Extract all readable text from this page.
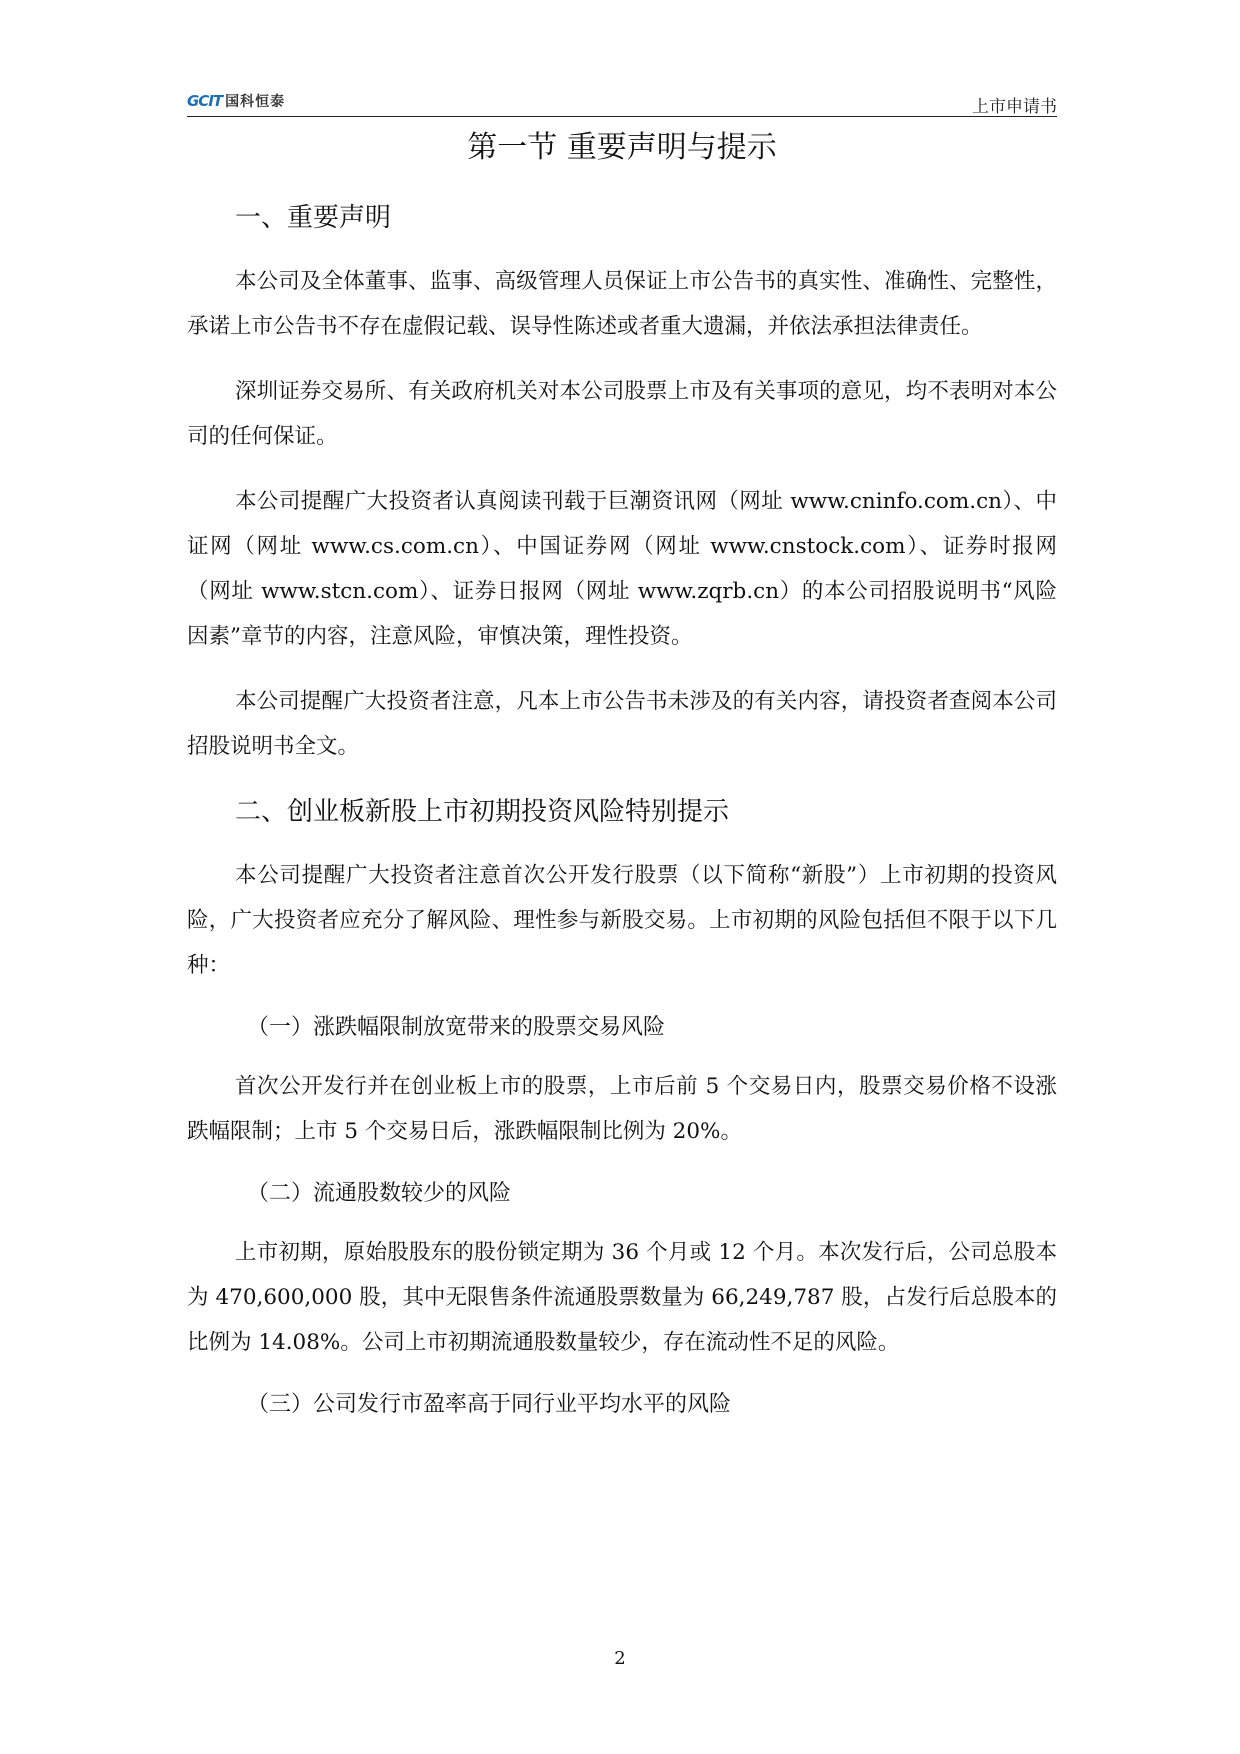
GCIT 国科恒泰	上市申请书
第一节 重要声明与提示
一、重要声明

本公司及全体董事、监事、高级管理人员保证上市公告书的真实性、准确性、完整性，承诺上市公告书不存在虚假记载、误导性陈述或者重大遗漏，并依法承担法律责任。

深圳证券交易所、有关政府机关对本公司股票上市及有关事项的意见，均不表明对本公司的任何保证。

本公司提醒广大投资者认真阅读刊载于巨潮资讯网（网址 www.cninfo.com.cn）、中证网（网址 www.cs.com.cn）、中国证券网（网址 www.cnstock.com）、证券时报网（网址 www.stcn.com）、证券日报网（网址 www.zqrb.cn）的本公司招股说明书“风险因素”章节的内容，注意风险，审慎决策，理性投资。

本公司提醒广大投资者注意，凡本上市公告书未涉及的有关内容，请投资者查阅本公司招股说明书全文。

二、创业板新股上市初期投资风险特别提示

本公司提醒广大投资者注意首次公开发行股票（以下简称“新股”）上市初期的投资风险，广大投资者应充分了解风险、理性参与新股交易。上市初期的风险包括但不限于以下几种：

（一）涨跌幅限制放宽带来的股票交易风险

首次公开发行并在创业板上市的股票，上市后前 5 个交易日内，股票交易价格不设涨跌幅限制；上市 5 个交易日后，涨跌幅限制比例为 20%。

（二）流通股数较少的风险

上市初期，原始股股东的股份锁定期为 36 个月或 12 个月。本次发行后，公司总股本为 470,600,000 股，其中无限售条件流通股票数量为 66,249,787 股，占发行后总股本的比例为 14.08%。公司上市初期流通股数量较少，存在流动性不足的风险。

（三）公司发行市盈率高于同行业平均水平的风险
2
